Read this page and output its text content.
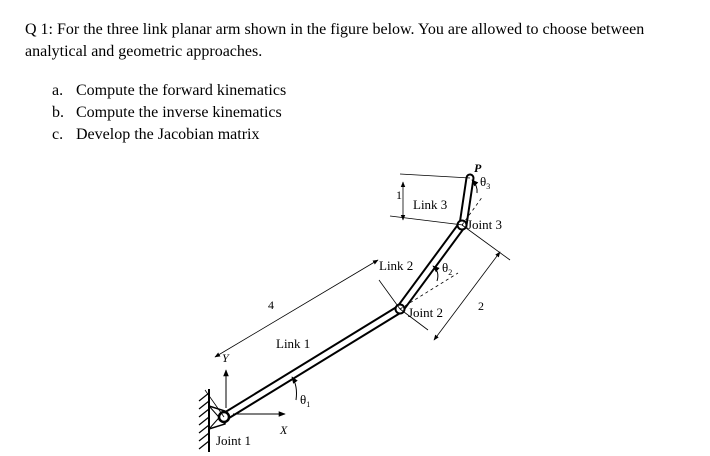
Q 1: For the three link planar arm shown in the figure below. You are allowed to choose between analytical and geometric approaches.

a. Compute the forward kinematics
b. Compute the inverse kinematics
c. Develop the Jacobian matrix
Link 1
Link 2
Link 3
Joint 1
Joint 2
Joint 3
$\theta_1$
$\theta_2$
$\theta_3$
P
Y
X
4	2
1
